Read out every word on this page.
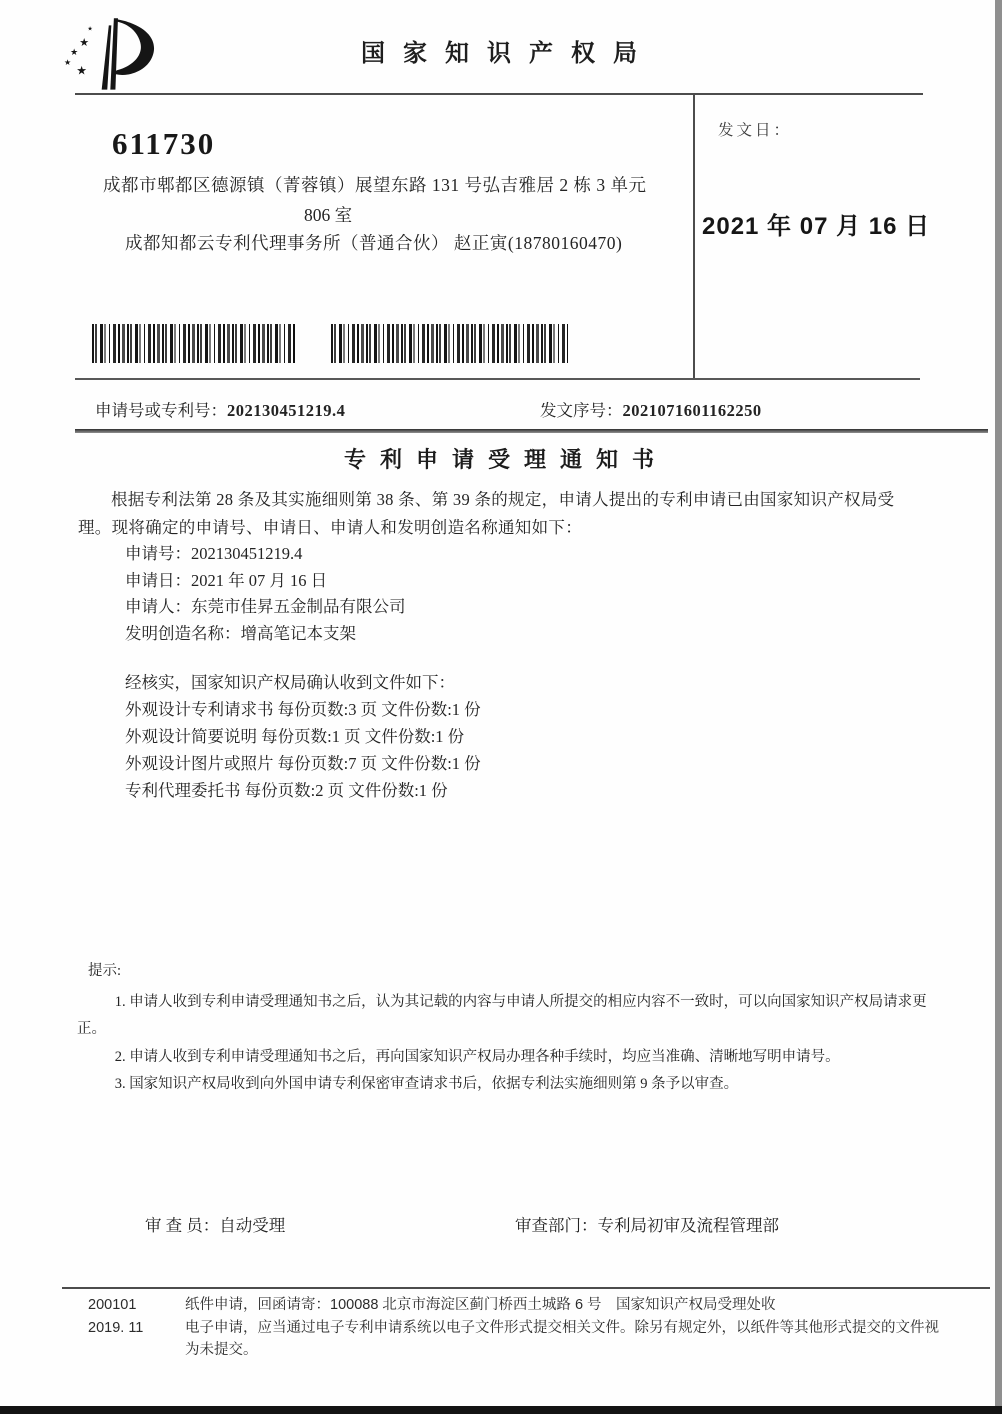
★
★
★
★
★
国家知识产权局
611730
成都市郫都区德源镇（菁蓉镇）展望东路 131 号弘吉雅居 2 栋 3 单元
806 室
成都知都云专利代理事务所（普通合伙） 赵正寅(18780160470)
发文日：
2021 年 07 月 16 日
申请号或专利号：202130451219.4	发文序号：2021071601162250
专利申请受理通知书
根据专利法第 28 条及其实施细则第 38 条、第 39 条的规定，申请人提出的专利申请已由国家知识产权局受理。现将确定的申请号、申请日、申请人和发明创造名称通知如下：
申请号：202130451219.4
申请日：2021 年 07 月 16 日
申请人：东莞市佳昇五金制品有限公司
发明创造名称：增高笔记本支架
经核实，国家知识产权局确认收到文件如下：
外观设计专利请求书 每份页数:3 页 文件份数:1 份
外观设计简要说明 每份页数:1 页 文件份数:1 份
外观设计图片或照片 每份页数:7 页 文件份数:1 份
专利代理委托书 每份页数:2 页 文件份数:1 份
提示:

1. 申请人收到专利申请受理通知书之后，认为其记载的内容与申请人所提交的相应内容不一致时，可以向国家知识产权局请求更正。

2. 申请人收到专利申请受理通知书之后，再向国家知识产权局办理各种手续时，均应当准确、清晰地写明申请号。

3. 国家知识产权局收到向外国申请专利保密审查请求书后，依据专利法实施细则第 9 条予以审查。

审 查 员：自动受理	审查部门：专利局初审及流程管理部
200101
2019. 11

纸件申请，回函请寄：100088 北京市海淀区蓟门桥西土城路 6 号　国家知识产权局受理处收

电子申请，应当通过电子专利申请系统以电子文件形式提交相关文件。除另有规定外，以纸件等其他形式提交的文件视为未提交。
